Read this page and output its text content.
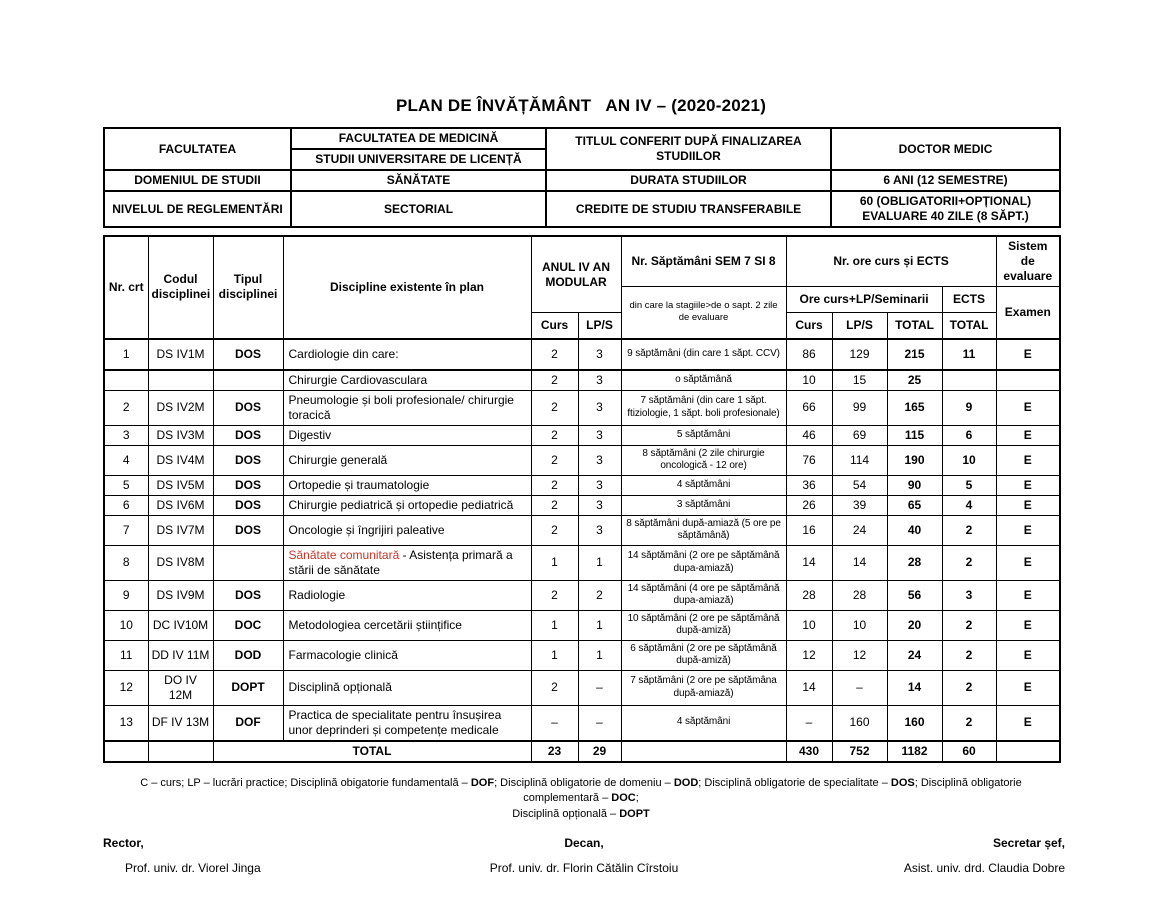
PLAN DE ÎNVĂȚĂMÂNT   AN IV – (2020-2021)
FACULTATEA	FACULTATEA DE MEDICINĂ	TITLUL CONFERIT DUPĂ FINALIZAREA STUDIILOR	DOCTOR MEDIC
	STUDII UNIVERSITARE DE LICENȚĂ		
DOMENIUL DE STUDII	SĂNĂTATE	DURATA STUDIILOR	6 ANI (12 SEMESTRE)
NIVELUL DE REGLEMENTĂRI	SECTORIAL	CREDITE DE STUDIU TRANSFERABILE	60 (OBLIGATORII+OPȚIONAL) EVALUARE 40 ZILE (8 SĂPT.)
Nr. crt	Codul disciplinei	Tipul disciplinei	Discipline existente în plan	ANUL IV AN MODULAR		Nr. Săptămâni SEM 7 SI 8	Nr. ore curs și ECTS				Sistem de evaluare
						din care la stagiile>de o sapt. 2 zile de evaluare	Ore curs+LP/Seminarii			ECTS	Examen
				Curs	LP/S		Curs	LP/S	TOTAL	TOTAL	
1	DS IV1M	DOS	Cardiologie din care:	2	3	9 săptămâni (din care 1 săpt. CCV)	86	129	215	11	E
			Chirurgie Cardiovasculara	2	3	o săptămână	10	15	25		
2	DS IV2M	DOS	Pneumologie și boli profesionale/ chirurgie toracică	2	3	7 săptămâni (din care 1 săpt. ftiziologie, 1 săpt. boli profesionale)	66	99	165	9	E
3	DS IV3M	DOS	Digestiv	2	3	5 săptămâni	46	69	115	6	E
4	DS IV4M	DOS	Chirurgie generală	2	3	8 săptămâni (2 zile chirurgie oncologică - 12 ore)	76	114	190	10	E
5	DS IV5M	DOS	Ortopedie și traumatologie	2	3	4 săptămâni	36	54	90	5	E
6	DS IV6M	DOS	Chirurgie pediatrică și ortopedie pediatrică	2	3	3 săptămâni	26	39	65	4	E
7	DS IV7M	DOS	Oncologie și îngrijiri paleative	2	3	8 săptămâni după-amiază (5 ore pe săptămână)	16	24	40	2	E
8	DS IV8M		Sănătate comunitară - Asistența primară a stării de sănătate	1	1	14 săptămâni (2 ore pe săptămână dupa-amiază)	14	14	28	2	E
9	DS IV9M	DOS	Radiologie	2	2	14 săptămâni (4 ore pe săptămână dupa-amiază)	28	28	56	3	E
10	DC IV10M	DOC	Metodologiea cercetării științifice	1	1	10 săptămâni (2 ore pe săptămână după-amiză)	10	10	20	2	E
11	DD IV 11M	DOD	Farmacologie clinică	1	1	6 săptămâni (2 ore pe săptămână după-amiză)	12	12	24	2	E
12	DO IV 12M	DOPT	Disciplină opțională	2	–	7 săptămâni (2 ore pe săptămâna după-amiază)	14	–	14	2	E
13	DF IV 13M	DOF	Practica de specialitate pentru însușirea unor deprinderi și competențe medicale	–	–	4 săptămâni	–	160	160	2	E
		TOTAL		23	29		430	752	1182	60	
C – curs; LP – lucrări practice; Disciplină obigatorie fundamentală – DOF; Disciplină obligatorie de domeniu – DOD; Disciplină obligatorie de specialitate – DOS; Disciplină obligatorie complementară – DOC;
Disciplină opțională – DOPT
Rector,
Prof. univ. dr. Viorel Jinga
Decan,
Prof. univ. dr. Florin Cătălin Cîrstoiu
Secretar șef,
Asist. univ. drd. Claudia Dobre
